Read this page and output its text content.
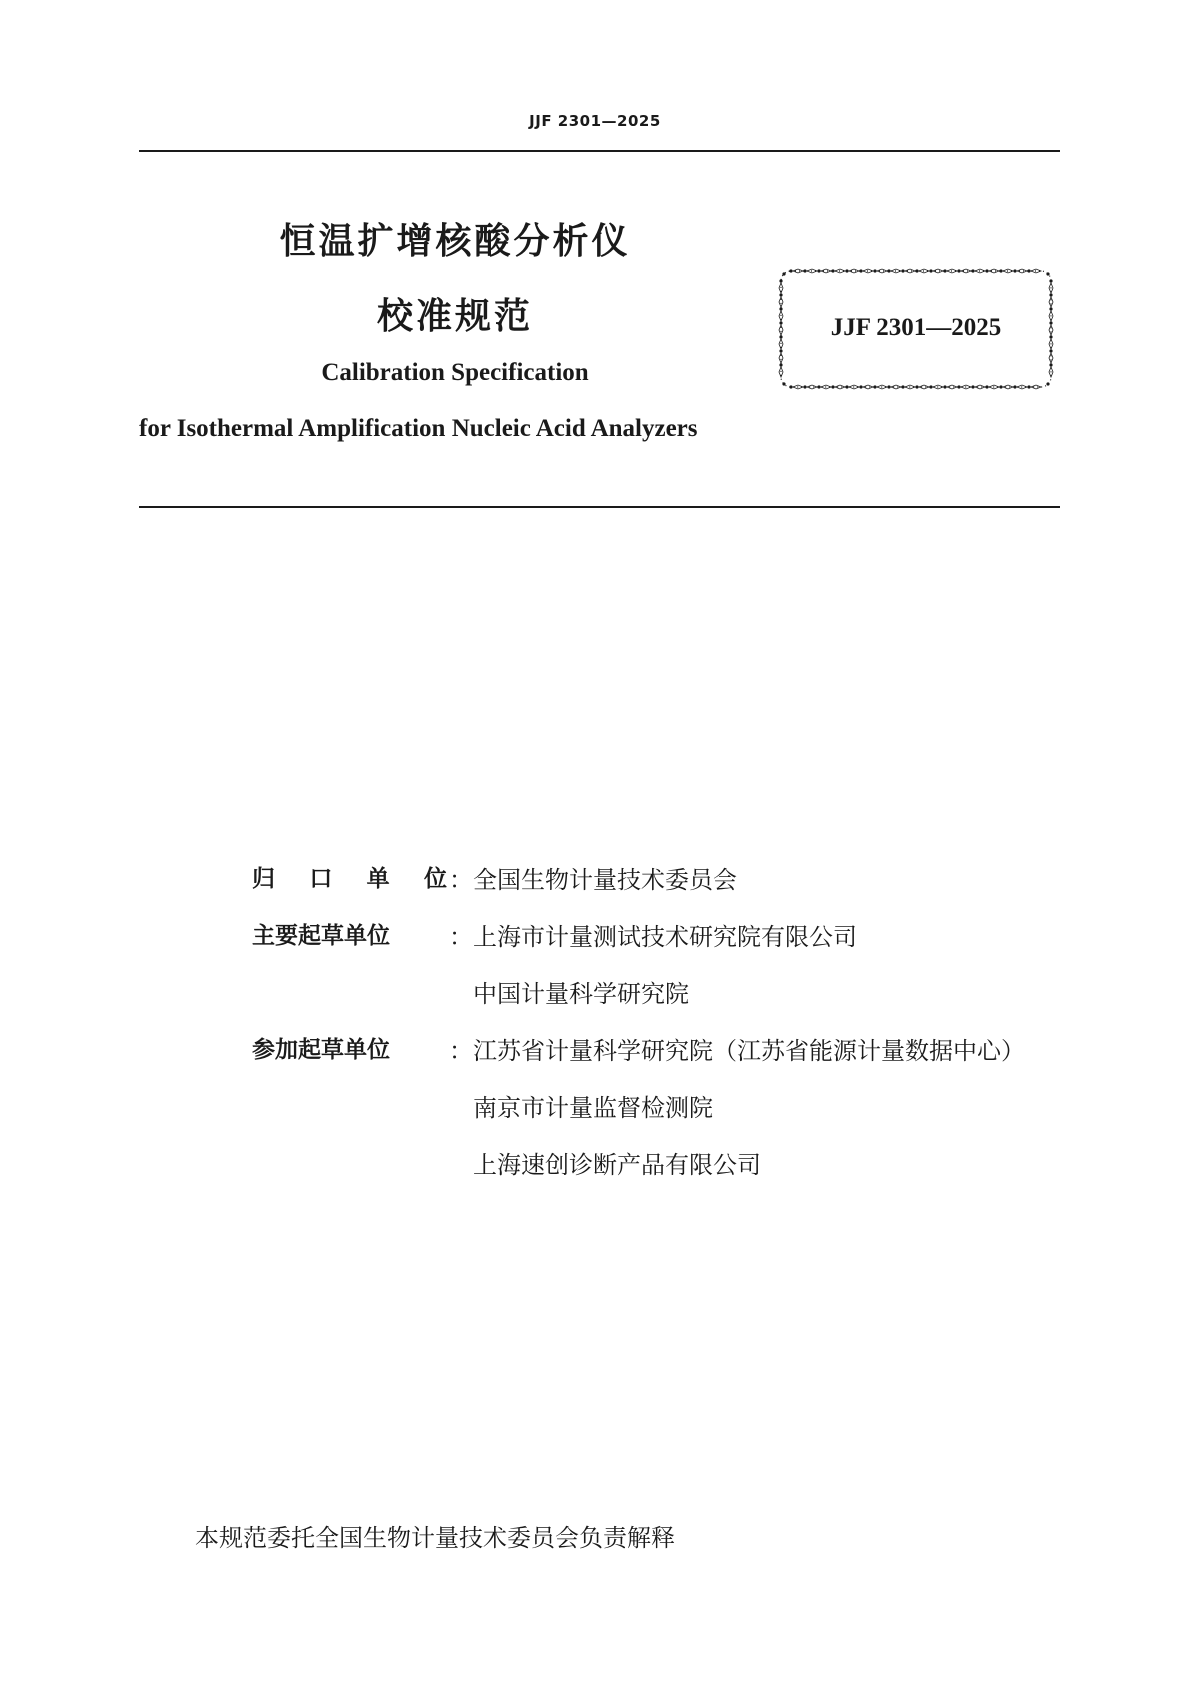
JJF 2301—2025
恒温扩增核酸分析仪
校准规范
Calibration Specification
for Isothermal Amplification Nucleic Acid Analyzers
JJF 2301—2025
归 口 单 位 ： 全国生物计量技术委员会
主要起草单位	： 上海市计量测试技术研究院有限公司
中国计量科学研究院
参加起草单位	： 江苏省计量科学研究院（江苏省能源计量数据中心）
南京市计量监督检测院
上海速创诊断产品有限公司
本规范委托全国生物计量技术委员会负责解释
